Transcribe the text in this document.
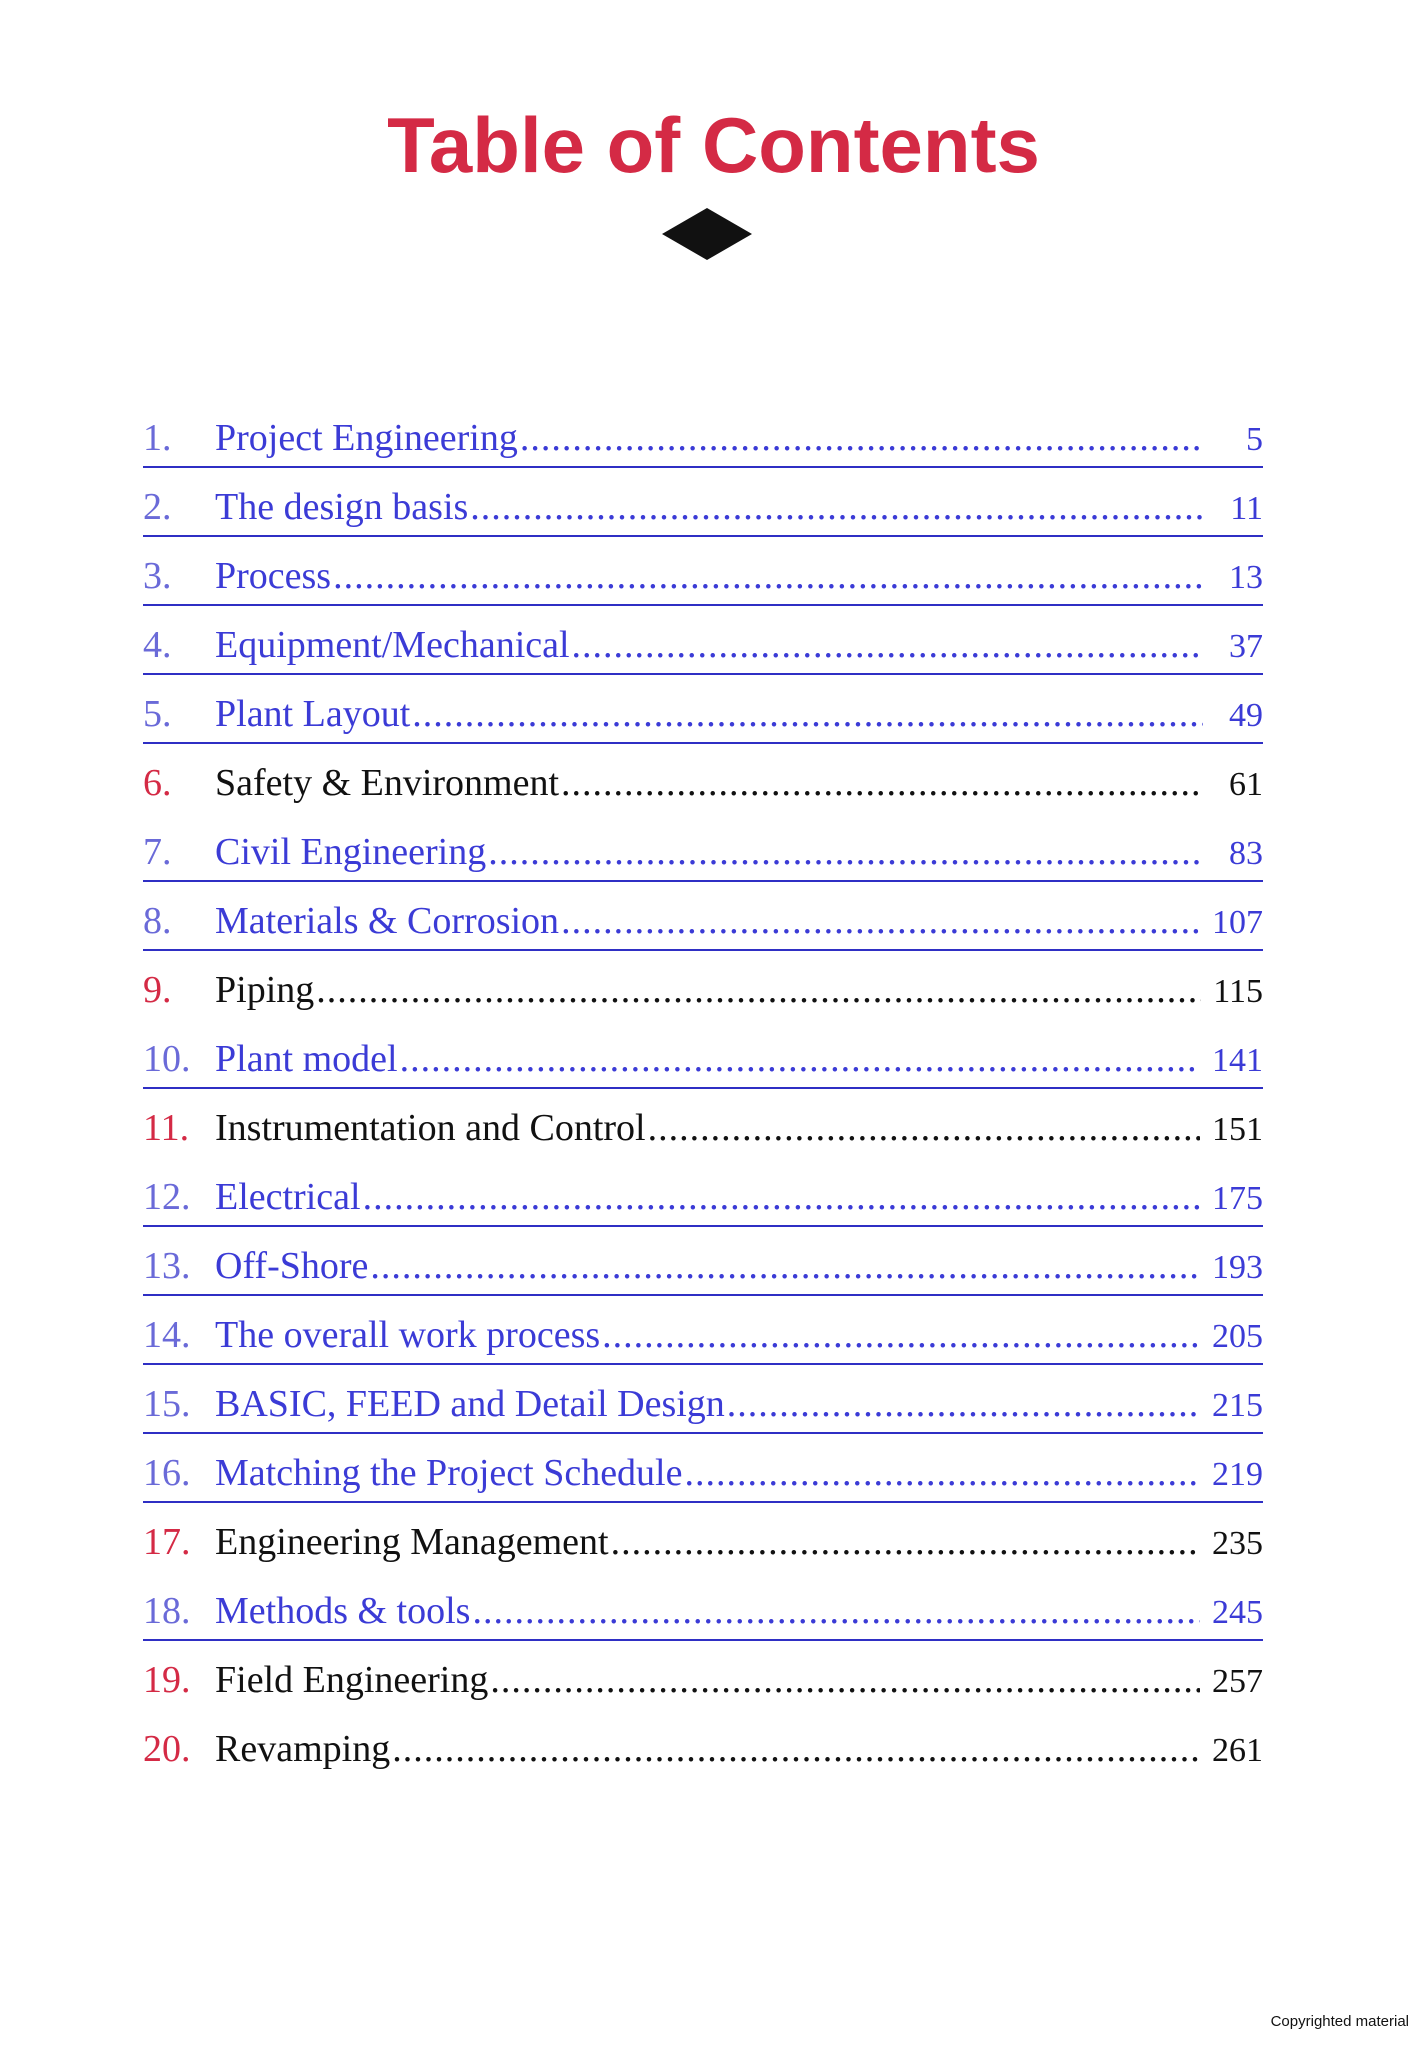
Table of Contents
1.	Project Engineering .....	5
2.	The design basis .....	11
3.	Process .....	13
4.	Equipment/Mechanical .....	37
5.	Plant Layout .....	49
6.	Safety & Environment .....	61
7.	Civil Engineering .....	83
8.	Materials & Corrosion .....	107
9.	Piping .....	115
10. Plant model .....	141
11. Instrumentation and Control .....	151
12. Electrical .....	175
13. Off-Shore .....	193
14. The overall work process .....	205
15. BASIC, FEED and Detail Design .....	215
16. Matching the Project Schedule .....	219
17. Engineering Management .....	235
18. Methods & tools .....	245
19. Field Engineering .....	257
20. Revamping .....	261
Copyrighted material
